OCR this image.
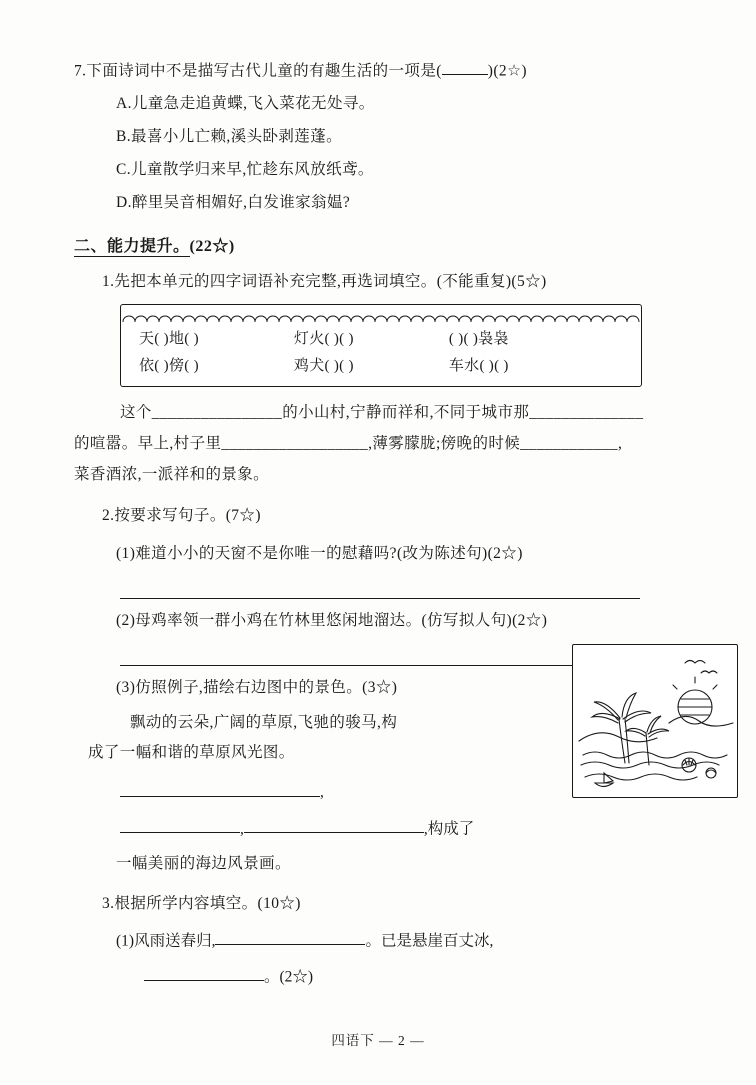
7.下面诗词中不是描写古代儿童的有趣生活的一项是(	)(2☆)
A.儿童急走追黄蝶,飞入菜花无处寻。
B.最喜小儿亡赖,溪头卧剥莲蓬。
C.儿童散学归来早,忙趁东风放纸鸢。
D.醉里吴音相媚好,白发谁家翁媪?
二、能力提升。(22☆)
1.先把本单元的四字词语补充完整,再选词填空。(不能重复)(5☆)
天( )地( )	灯火( )( )	( )( )袅袅
依( )傍( )	鸡犬( )( )	车水( )( )
这个________________的小山村,宁静而祥和,不同于城市那______________
的喧嚣。早上,村子里__________________,薄雾朦胧;傍晚的时候____________,
菜香酒浓,一派祥和的景象。
2.按要求写句子。(7☆)
(1)难道小小的天窗不是你唯一的慰藉吗?(改为陈述句)(2☆)
(2)母鸡率领一群小鸡在竹林里悠闲地溜达。(仿写拟人句)(2☆)
(3)仿照例子,描绘右边图中的景色。(3☆)
飘动的云朵,广阔的草原,飞驰的骏马,构
成了一幅和谐的草原风光图。
,
,	,构成了
一幅美丽的海边风景画。
3.根据所学内容填空。(10☆)
(1)风雨送春归,	。已是悬崖百丈冰,
。(2☆)
四语下 — 2 —
